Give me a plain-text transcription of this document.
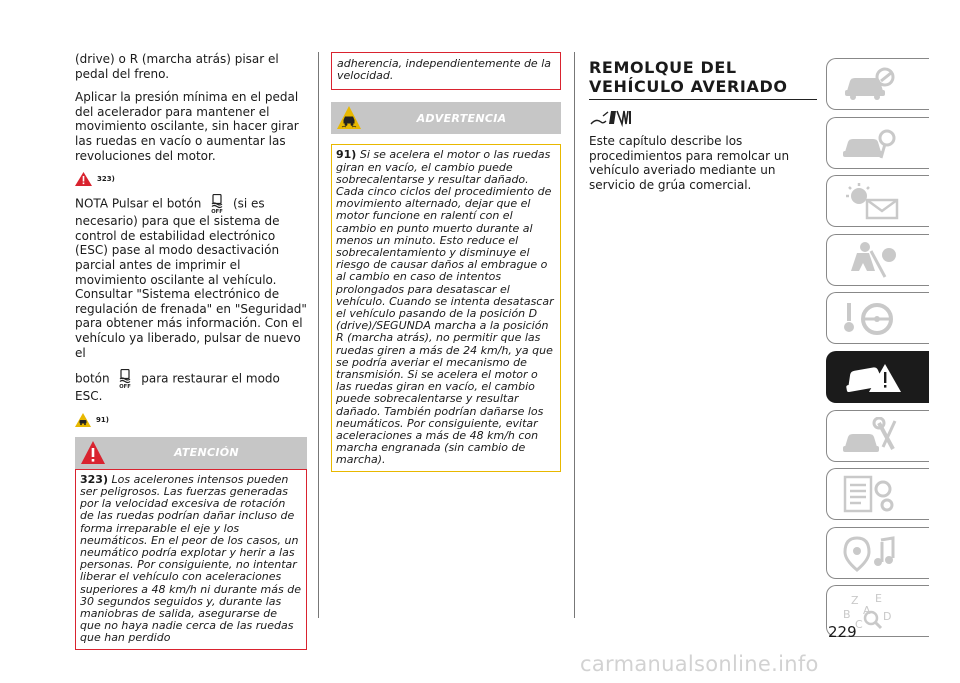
(drive) o R (marcha atrás) pisar el pedal del freno.

Aplicar la presión mínima en el pedal del acelerador para mantener el movimiento oscilante, sin hacer girar las ruedas en vacío o aumentar las revoluciones del motor.

323)

NOTA Pulsar el botón
OFF
(si es necesario) para que el sistema de control de estabilidad electrónico (ESC) pase al modo desactivación parcial antes de imprimir el movimiento oscilante al vehículo. Consultar "Sistema electrónico de regulación de frenada" en "Seguridad" para obtener más información. Con el vehículo ya liberado, pulsar de nuevo el

botón
OFF
para restaurar el modo ESC.

91)
ATENCIÓN
323) Los acelerones intensos pueden ser peligrosos. Las fuerzas generadas por la velocidad excesiva de rotación de las ruedas podrían dañar incluso de forma irreparable el eje y los neumáticos. En el peor de los casos, un neumático podría explotar y herir a las personas. Por consiguiente, no intentar liberar el vehículo con aceleraciones superiores a 48 km/h ni durante más de 30 segundos seguidos y, durante las maniobras de salida, asegurarse de que no haya nadie cerca de las ruedas que han perdido
adherencia, independientemente de la velocidad.
ADVERTENCIA
91) Si se acelera el motor o las ruedas giran en vacío, el cambio puede sobrecalentarse y resultar dañado. Cada cinco ciclos del procedimiento de movimiento alternado, dejar que el motor funcione en ralentí con el cambio en punto muerto durante al menos un minuto. Esto reduce el sobrecalentamiento y disminuye el riesgo de causar daños al embrague o al cambio en caso de intentos prolongados para desatascar el vehículo. Cuando se intenta desatascar el vehículo pasando de la posición D (drive)/SEGUNDA marcha a la posición R (marcha atrás), no permitir que las ruedas giren a más de 24 km/h, ya que se podría averiar el mecanismo de transmisión. Si se acelera el motor o las ruedas giran en vacío, el cambio puede sobrecalentarse y resultar dañado. También podrían dañarse los neumáticos. Por consiguiente, evitar aceleraciones a más de 48 km/h con marcha engranada (sin cambio de marcha).
REMOLQUE DEL
VEHÍCULO AVERIADO

Este capítulo describe los procedimientos para remolcar un vehículo averiado mediante un servicio de grúa comercial.

Z E
B A
C
D
229
carmanualsonline.info
